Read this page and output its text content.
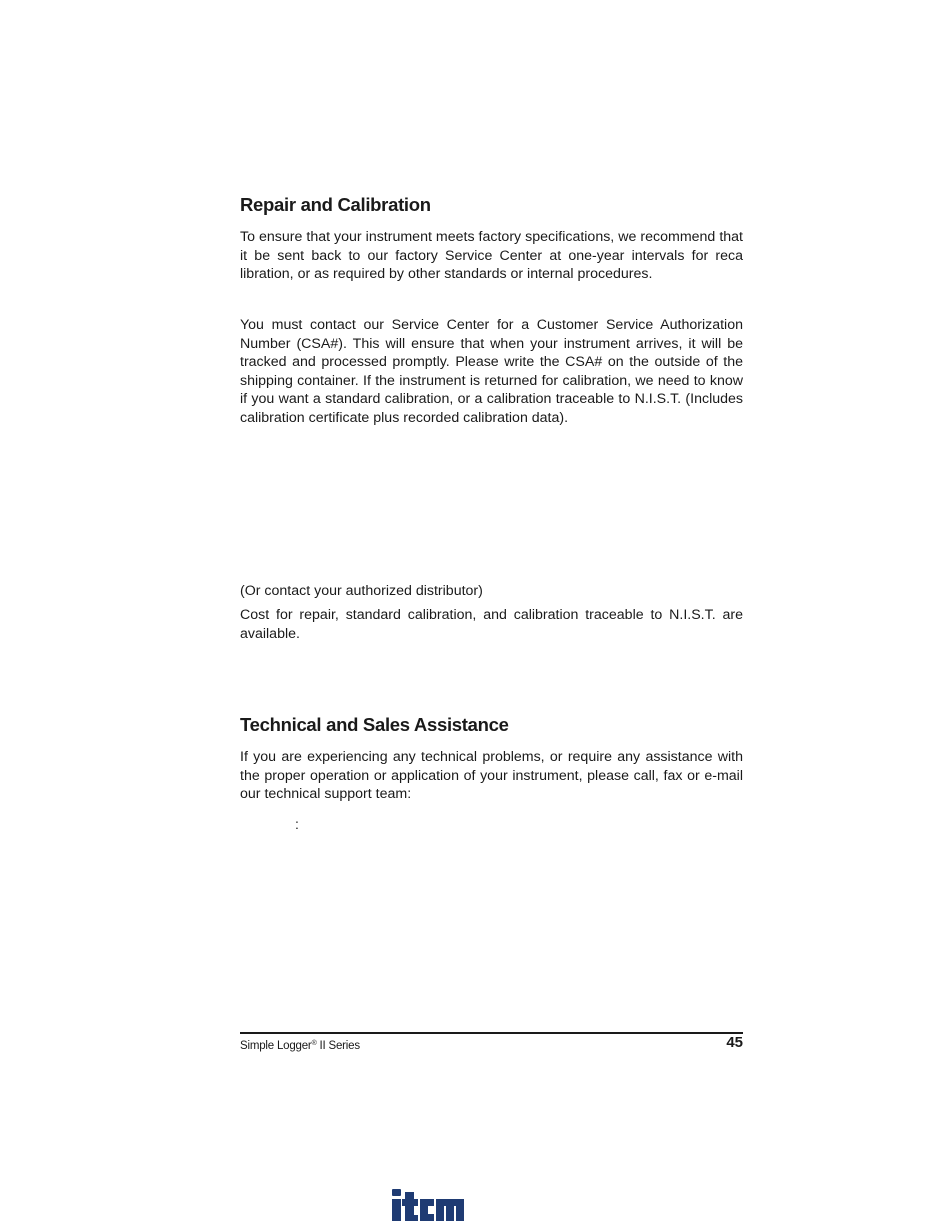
Repair and Calibration

To ensure that your instrument meets factory specifications, we recommend that it be sent back to our factory Service Center at one-year intervals for reca libration, or as required by other standards or internal procedures.

You must contact our Service Center for a Customer Service Authorization Number (CSA#). This will ensure that when your instrument arrives, it will be tracked and processed promptly. Please write the CSA# on the outside of the shipping container. If the instrument is returned for calibration, we need to know if you want a standard calibration, or a calibration traceable to N.I.S.T. (Includes calibration certificate plus recorded calibration data).

(Or contact your authorized distributor)

Cost for repair, standard calibration, and calibration traceable to N.I.S.T. are available.

Technical and Sales Assistance

If you are experiencing any technical problems, or require any assistance with the proper operation or application of your instrument, please call, fax or e-mail our technical support team:

:
Simple Logger® II Series	45
